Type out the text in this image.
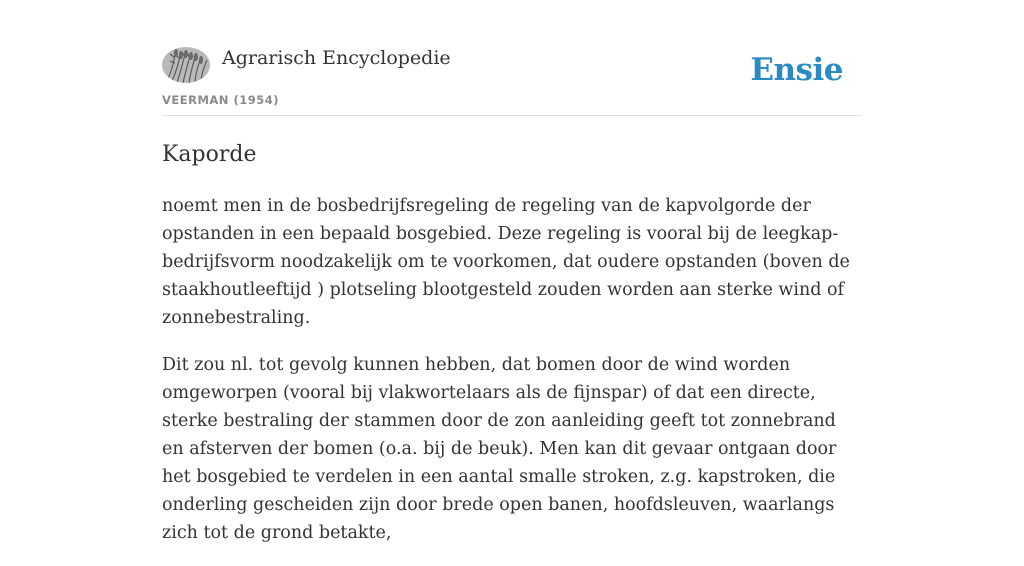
Agrarisch Encyclopedie
VEERMAN (1954)
Ensie
Kaporde

noemt men in de bosbedrijfsregeling de regeling van de kapvolgorde der opstanden in een bepaald bosgebied. Deze regeling is vooral bij de leegkap-bedrijfsvorm noodzakelijk om te voorkomen, dat oudere opstanden (boven de staakhoutleeftijd ) plotseling blootgesteld zouden worden aan sterke wind of zonnebestraling.

Dit zou nl. tot gevolg kunnen hebben, dat bomen door de wind worden omgeworpen (vooral bij vlakwortelaars als de fijnspar) of dat een directe, sterke bestraling der stammen door de zon aanleiding geeft tot zonnebrand en afsterven der bomen (o.a. bij de beuk). Men kan dit gevaar ontgaan door het bosgebied te verdelen in een aantal smalle stroken, z.g. kapstroken, die onderling gescheiden zijn door brede open banen, hoofdsleuven, waarlangs zich tot de grond betakte,
